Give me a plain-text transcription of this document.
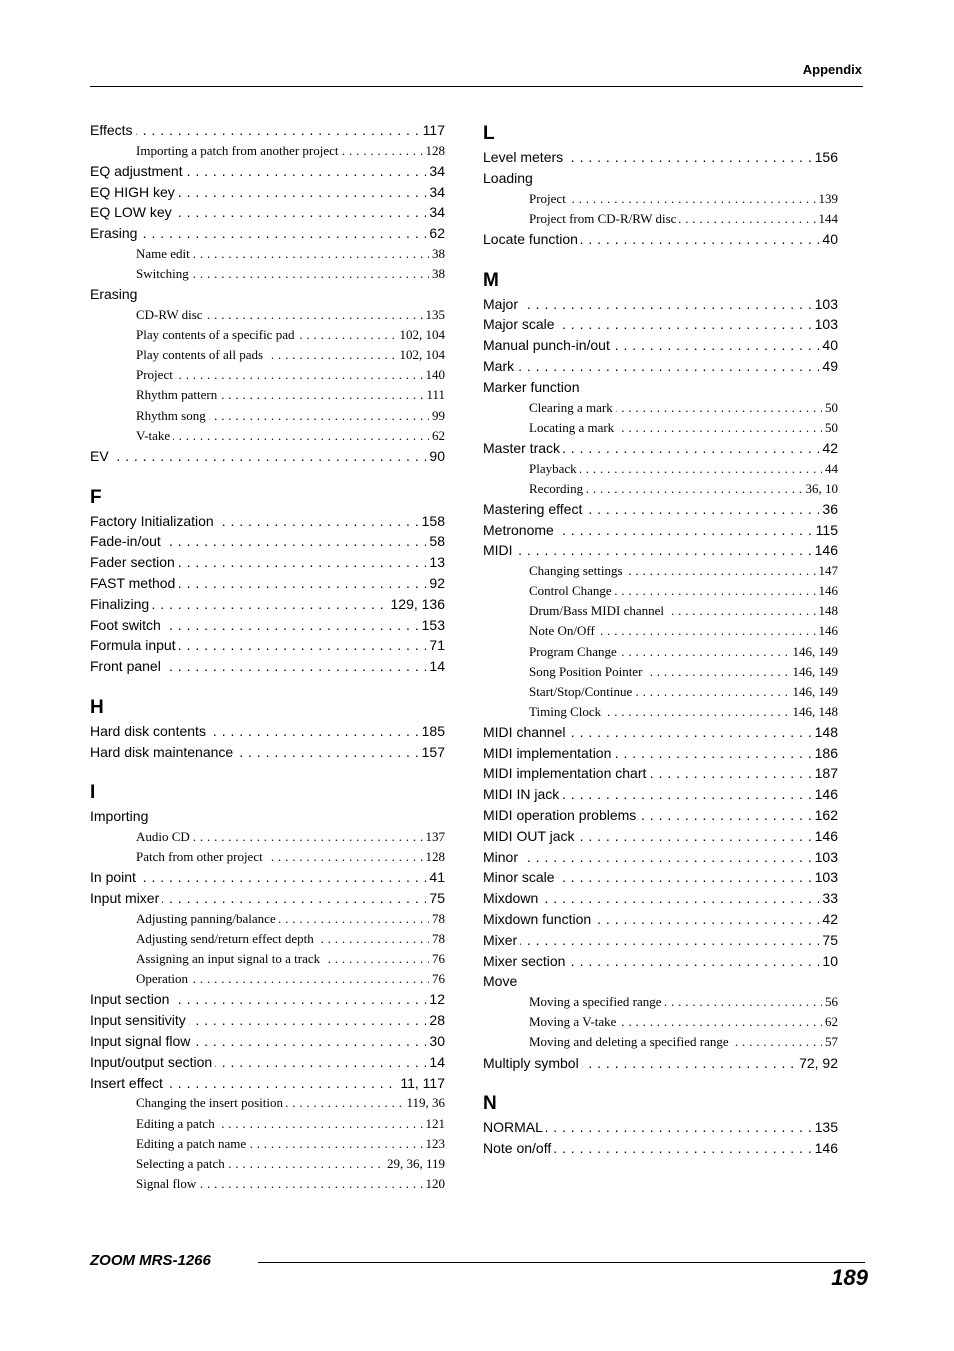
Appendix
Effects	117
. . .
Importing a patch from another project	128
. . .
EQ adjustment	34
. . .
EQ HIGH key	34
. . .
EQ LOW key	34
. . .
Erasing	62
. . .
Name edit	38
. . .
Switching	38
. . .
Erasing
CD-RW disc	135
. . .
Play contents of a specific pad	102, 104
. . .
Play contents of all pads	102, 104
. . .
Project	140
. . .
Rhythm pattern	111
. . .
Rhythm song	99
. . .
V-take	62
. . .
EV	90
. . .
F
Factory Initialization	158
. . .
Fade-in/out	58
. . .
Fader section	13
. . .
FAST method	92
. . .
Finalizing	129, 136
. . .
Foot switch	153
. . .
Formula input	71
. . .
Front panel	14
. . .
H
Hard disk contents	185
. . .
Hard disk maintenance	157
. . .
I
Importing
Audio CD	137
. . .
Patch from other project	128
. . .
In point	41
. . .
Input mixer	75
. . .
Adjusting panning/balance	78
. . .
Adjusting send/return effect depth	78
. . .
Assigning an input signal to a track	76
. . .
Operation	76
. . .
Input section	12
. . .
Input sensitivity	28
. . .
Input signal flow	30
. . .
Input/output section	14
. . .
Insert effect	11, 117
. . .
Changing the insert position	119, 36
. . .
Editing a patch	121
. . .
Editing a patch name	123
. . .
Selecting a patch	29, 36, 119
. . .
Signal flow	120
. . .
L
Level meters	156
. . .
Loading
Project	139
. . .
Project from CD-R/RW disc	144
. . .
Locate function	40
. . .
M
Major	103
. . .
Major scale	103
. . .
Manual punch-in/out	40
. . .
Mark	49
. . .
Marker function
Clearing a mark	50
. . .
Locating a mark	50
. . .
Master track	42
. . .
Playback	44
. . .
Recording	36, 10
. . .
Mastering effect	36
. . .
Metronome	115
. . .
MIDI	146
. . .
Changing settings	147
. . .
Control Change	146
. . .
Drum/Bass MIDI channel	148
. . .
Note On/Off	146
. . .
Program Change	146, 149
. . .
Song Position Pointer	146, 149
. . .
Start/Stop/Continue	146, 149
. . .
Timing Clock	146, 148
. . .
MIDI channel	148
. . .
MIDI implementation	186
. . .
MIDI implementation chart	187
. . .
MIDI IN jack	146
. . .
MIDI operation problems	162
. . .
MIDI OUT jack	146
. . .
Minor	103
. . .
Minor scale	103
. . .
Mixdown	33
. . .
Mixdown function	42
. . .
Mixer	75
. . .
Mixer section	10
. . .
Move
Moving a specified range	56
. . .
Moving a V-take	62
. . .
Moving and deleting a specified range	57
. . .
Multiply symbol	72, 92
. . .
N
NORMAL	135
. . .
Note on/off	146
. . .
ZOOM MRS-1266
189
